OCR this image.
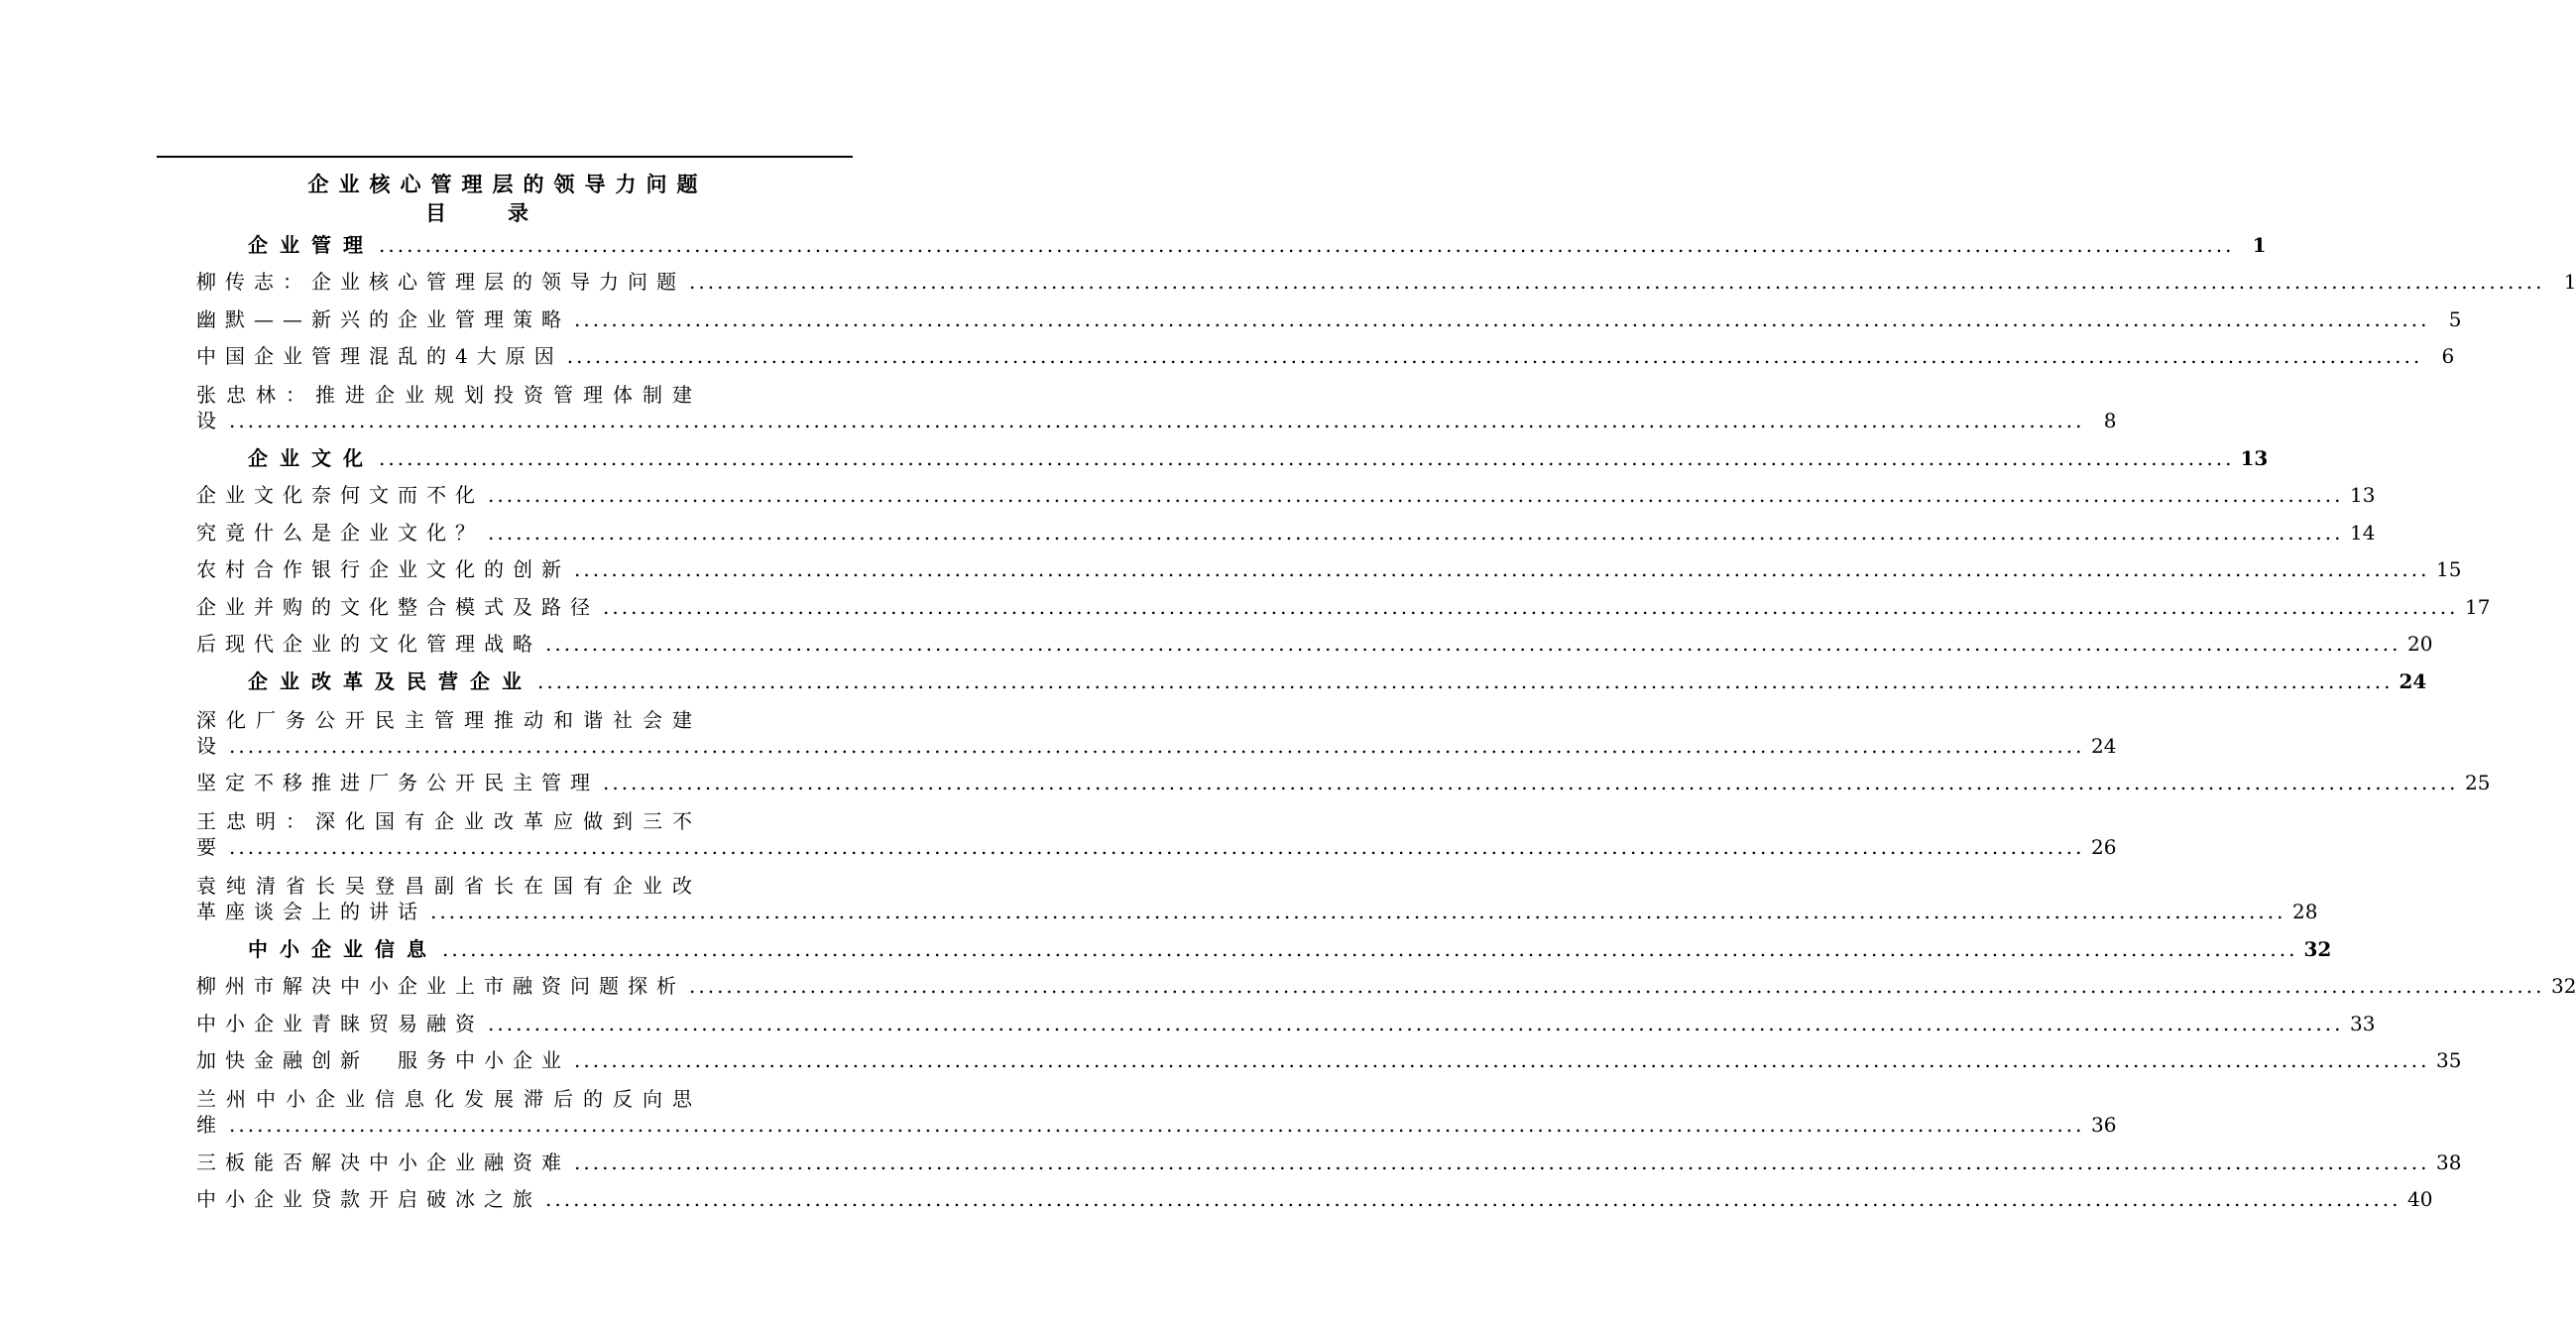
企业核心管理层的领导力问题
目录
企业管理 ........................................................................................................................................................................................................ 1
柳传志：企业核心管理层的领导力问题 ........................................................................................................................................................................................................ 1
幽默——新兴的企业管理策略 ........................................................................................................................................................................................................ 5
中国企业管理混乱的4大原因 ........................................................................................................................................................................................................ 6
张忠林：推进企业规划投资管理体制建
设 ........................................................................................................................................................................................................ 8
企业文化 ........................................................................................................................................................................................................ 13
企业文化奈何文而不化 ........................................................................................................................................................................................................ 13
究竟什么是企业文化？ ........................................................................................................................................................................................................ 14
农村合作银行企业文化的创新 ........................................................................................................................................................................................................ 15
企业并购的文化整合模式及路径 ........................................................................................................................................................................................................ 17
后现代企业的文化管理战略 ........................................................................................................................................................................................................ 20
企业改革及民营企业 ........................................................................................................................................................................................................ 24
深化厂务公开民主管理推动和谐社会建
设 ........................................................................................................................................................................................................ 24
坚定不移推进厂务公开民主管理 ........................................................................................................................................................................................................ 25
王忠明：深化国有企业改革应做到三不
要 ........................................................................................................................................................................................................ 26
袁纯清省长吴登昌副省长在国有企业改
革座谈会上的讲话 ........................................................................................................................................................................................................ 28
中小企业信息 ........................................................................................................................................................................................................ 32
柳州市解决中小企业上市融资问题探析 ........................................................................................................................................................................................................ 32
中小企业青睐贸易融资 ........................................................................................................................................................................................................ 33
加快金融创新　服务中小企业 ........................................................................................................................................................................................................ 35
兰州中小企业信息化发展滞后的反向思
维 ........................................................................................................................................................................................................ 36
三板能否解决中小企业融资难 ........................................................................................................................................................................................................ 38
中小企业贷款开启破冰之旅 ........................................................................................................................................................................................................ 40
